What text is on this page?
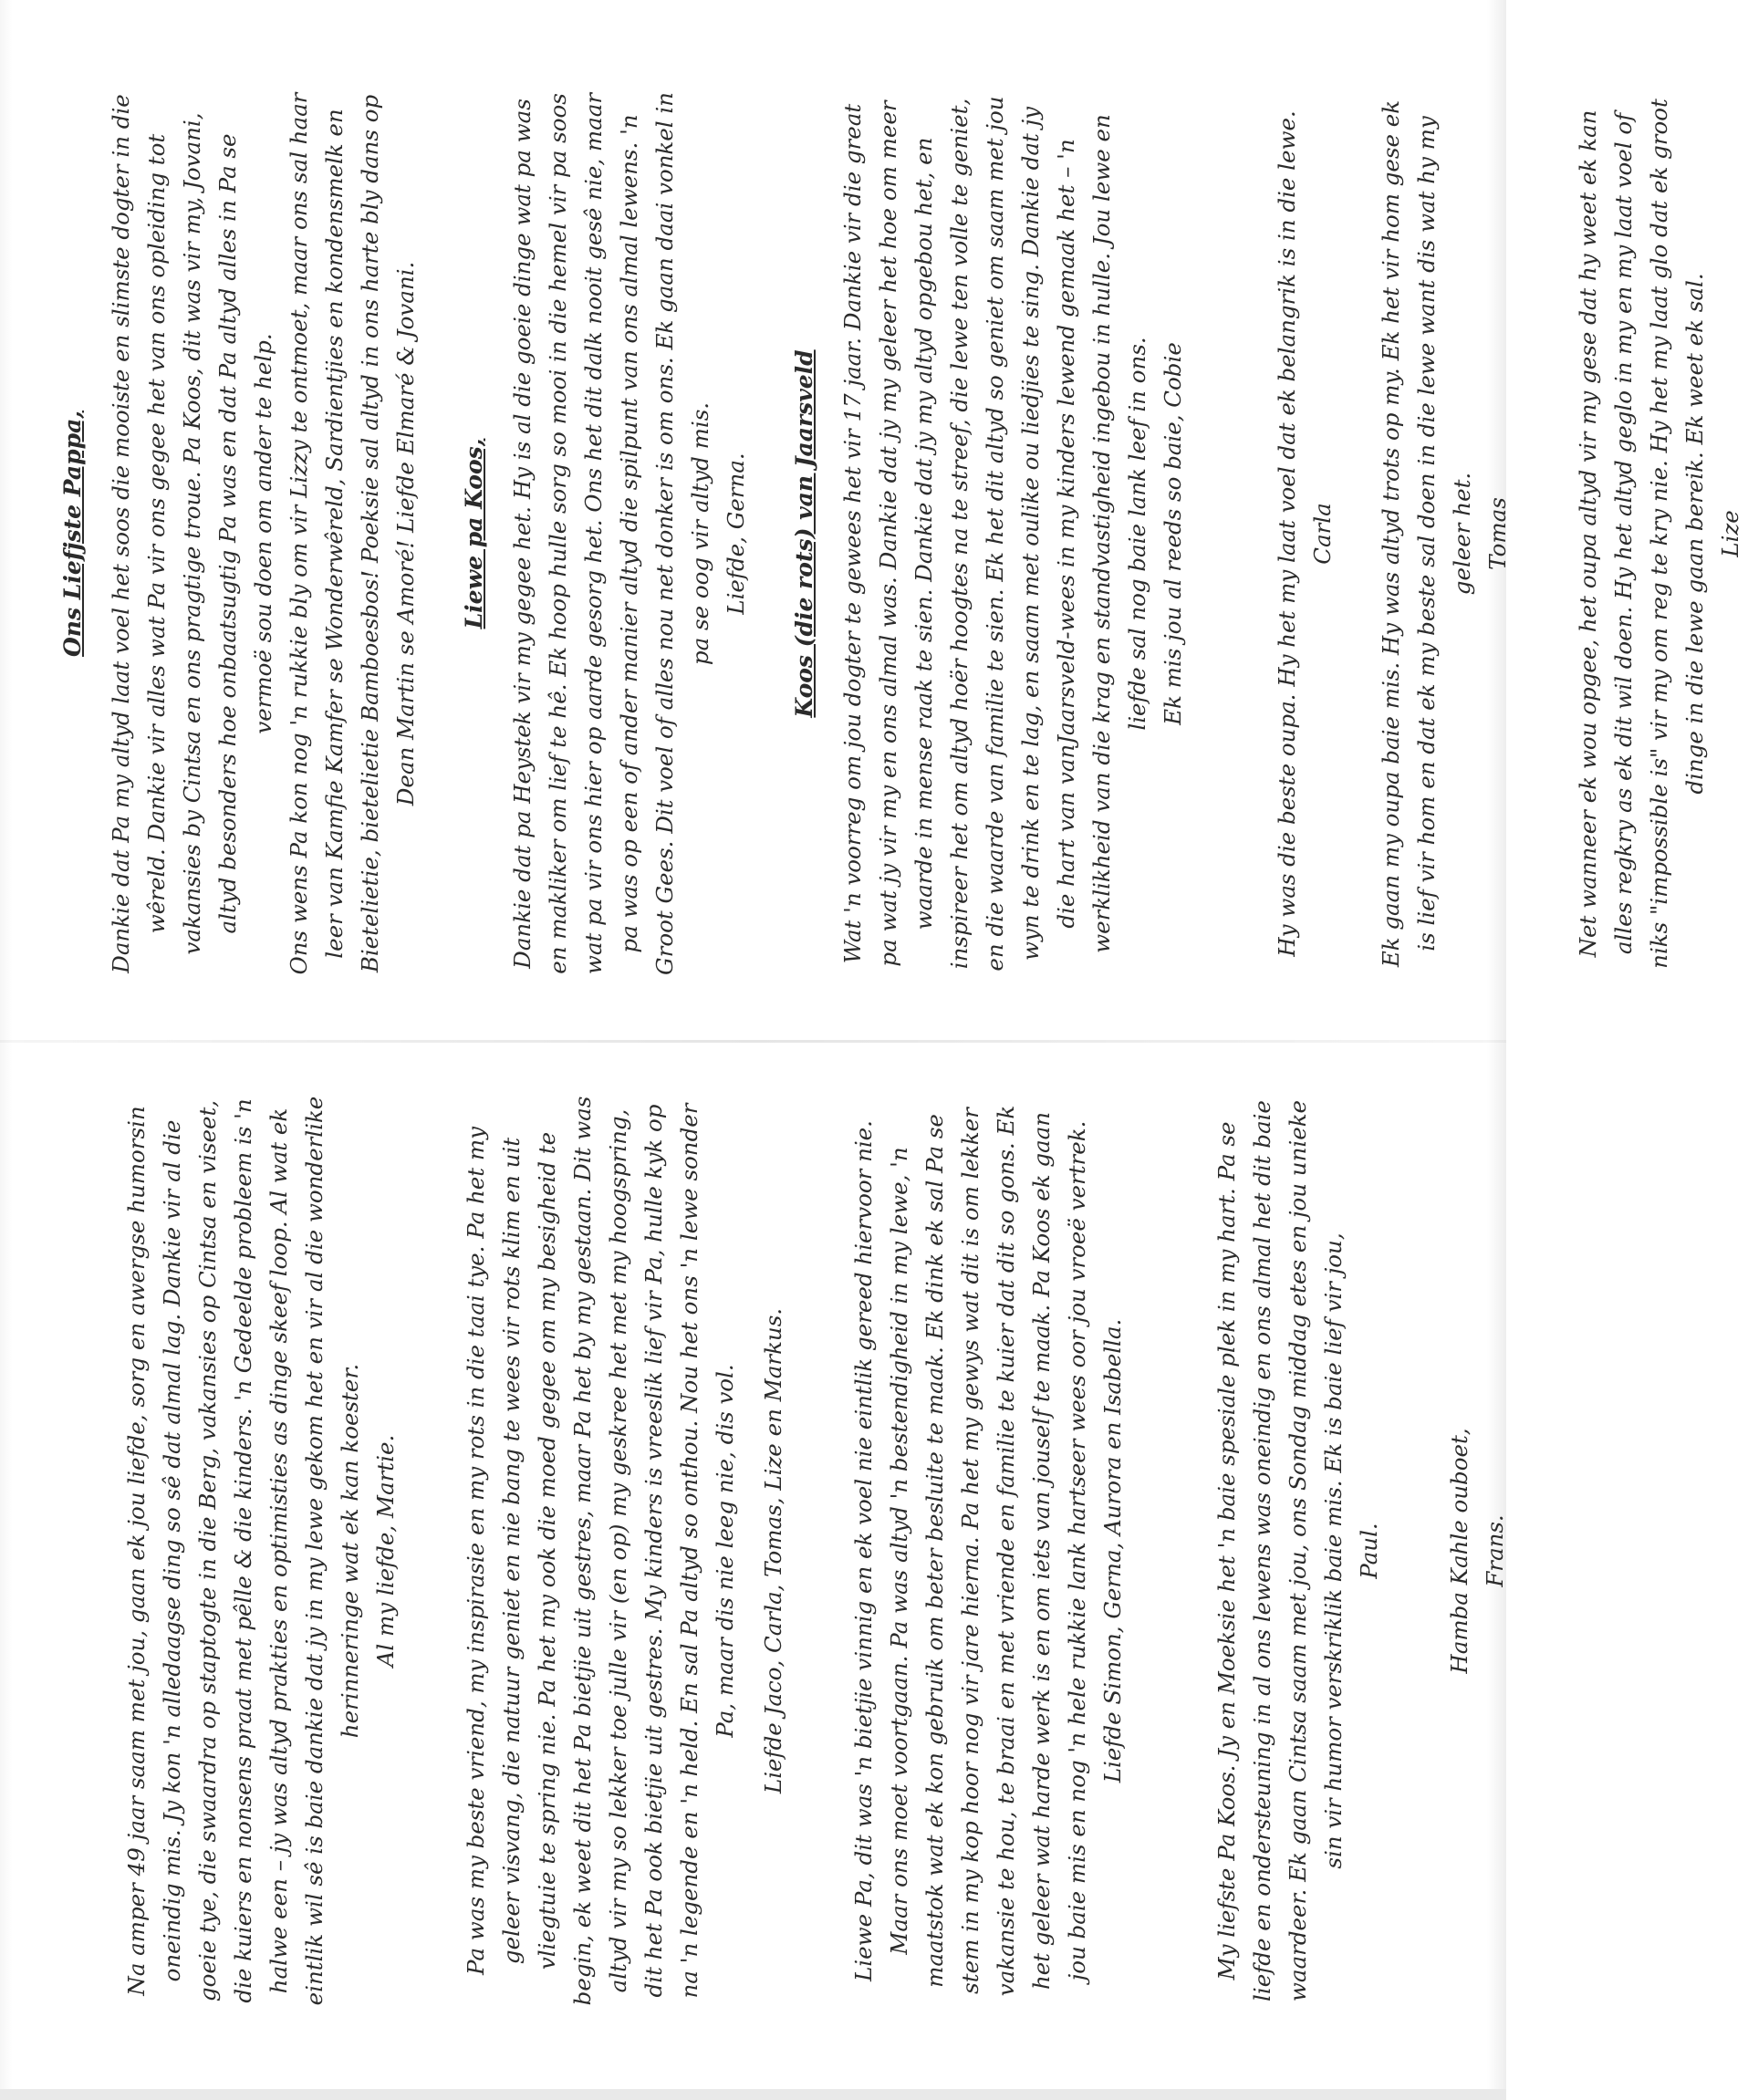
Ons Liefjste Pappa, Dankie dat Pa my altyd laat voel het soos die mooiste en slimste dogter in die wêreld. Dankie vir alles wat Pa vir ons gegee het van ons opleiding tot vakansies by Cintsa en ons pragtige troue. Pa Koos, dit was vir my, Jovani, altyd besonders hoe onbaatsugtig Pa was en dat Pa altyd alles in Pa se vermoë sou doen om ander te help. Ons wens Pa kon nog 'n rukkie bly om vir Lizzy te ontmoet, maar ons sal haar leer van Kamfie Kamfer se Wonderwêreld, Sardientjies en kondensmelk en Bietelietie, bietelietie Bamboesbos! Poeksie sal altyd in ons harte bly dans op Dean Martin se Amoré! Liefde Elmaré & Jovani. Liewe pa Koos, Dankie dat pa Heystek vir my gegee het. Hy is al die goeie dinge wat pa was en makliker om lief te hê. Ek hoop hulle sorg so mooi in die hemel vir pa soos wat pa vir ons hier op aarde gesorg het. Ons het dit dalk nooit gesê nie, maar pa was op een of ander manier altyd die spilpunt van ons almal lewens. 'n Groot Gees. Dit voel of alles nou net donker is om ons. Ek gaan daai vonkel in pa se oog vir altyd mis. Liefde, Gerna. Koos (die rots) van Jaarsveld Wat 'n voorreg om jou dogter te gewees het vir 17 jaar. Dankie vir die great pa wat jy vir my en ons almal was. Dankie dat jy my geleer het hoe om meer waarde in mense raak te sien. Dankie dat jy my altyd opgebou het, en inspireer het om altyd hoër hoogtes na te streef, die lewe ten volle te geniet, en die waarde van familie te sien. Ek het dit altyd so geniet om saam met jou wyn te drink en te lag, en saam met oulike ou liedjies te sing. Dankie dat jy die hart van vanJaarsveld-wees in my kinders lewend gemaak het – 'n werklikheid van die krag en standvastigheid ingebou in hulle. Jou lewe en liefde sal nog baie lank leef in ons. Ek mis jou al reeds so baie, Cobie	Hy was die beste oupa. Hy het my laat voel dat ek belangrik is in die lewe. Carla Ek gaan my oupa baie mis. Hy was altyd trots op my. Ek het vir hom gese ek is lief vir hom en dat ek my beste sal doen in die lewe want dis wat hy my geleer het. Tomas	Net wanneer ek wou opgee, het oupa altyd vir my gese dat hy weet ek kan alles regkry as ek dit wil doen. Hy het altyd geglo in my en my laat voel of niks "impossible is" vir my om reg te kry nie. Hy het my laat glo dat ek groot dinge in die lewe gaan bereik. Ek weet ek sal. Lize

Na amper 49 jaar saam met jou, gaan ek jou liefde, sorg en awergse humorsin oneindig mis. Jy kon 'n alledaagse ding so sê dat almal lag. Dankie vir al die goeie tye, die swaardra op staptogte in die Berg, vakansies op Cintsa en viseet, die kuiers en nonsens praat met pêlle & die kinders. 'n Gedeelde probleem is 'n halwe een – jy was altyd prakties en optimisties as dinge skeef loop. Al wat ek eintlik wil sê is baie dankie dat jy in my lewe gekom het en vir al die wonderlike herinneringe wat ek kan koester. Al my liefde, Martie.	Pa was my beste vriend, my inspirasie en my rots in die taai tye. Pa het my geleer visvang, die natuur geniet en nie bang te wees vir rots klim en uit vliegtuie te spring nie. Pa het my ook die moed gegee om my besigheid te begin, ek weet dit het Pa bietjie uit gestres, maar Pa het by my gestaan. Dit was altyd vir my so lekker toe julle vir (en op) my geskree het met my hoogspring, dit het Pa ook bietjie uit gestres. My kinders is vreeslik lief vir Pa, hulle kyk op na 'n legende en 'n held. En sal Pa altyd so onthou. Nou het ons 'n lewe sonder Pa, maar dis nie leeg nie, dis vol. Liefde Jaco, Carla, Tomas, Lize en Markus.	Liewe Pa, dit was 'n bietjie vinnig en ek voel nie eintlik gereed hiervoor nie. Maar ons moet voortgaan. Pa was altyd 'n bestendigheid in my lewe, 'n maatstok wat ek kon gebruik om beter besluite te maak. Ek dink ek sal Pa se stem in my kop hoor nog vir jare hierna. Pa het my gewys wat dit is om lekker vakansie te hou, te braai en met vriende en familie te kuier dat dit so gons. Ek het geleer wat harde werk is en om iets van jouself te maak. Pa Koos ek gaan jou baie mis en nog 'n hele rukkie lank hartseer wees oor jou vroeë vertrek. Liefde Simon, Gerna, Aurora en Isabella.	My liefste Pa Koos. Jy en Moeksie het 'n baie spesiale plek in my hart. Pa se liefde en ondersteuning in al ons lewens was oneindig en ons almal het dit baie waardeer. Ek gaan Cintsa saam met jou, ons Sondag middag etes en jou unieke sin vir humor verskriklik baie mis. Ek is baie lief vir jou, Paul.	Hamba Kahle ouboet, Frans.
